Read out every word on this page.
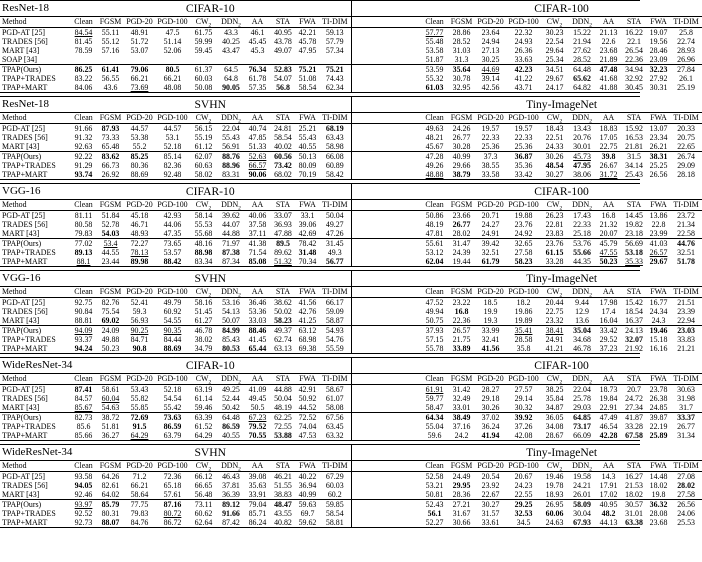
ResNet-18	CIFAR-10											CIFAR-100									
Method	Clean	FGSM	PGD-20	PGD-100	$CW_2$	$DDN_2$	AA	STA	FWA	TI-DIM		Clean	FGSM	PGD-20	PGD-100	$CW_2$	$DDN_2$	AA	STA	FWA	TI-DIM
PGD-AT [25]	84.54	55.11	48.91	47.5	61.75	43.3	46.1	40.95	42.21	59.13		57.77	28.86	23.64	22.32	30.23	15.22	21.13	16.22	19.07	25.8
TRADES [56]	81.45	55.12	51.72	51.14	59.99	40.25	45.45	43.78	45.78	57.79		55.48	28.52	24.94	24.93	22.54	21.94	22.6	22.1	19.56	22.74
MART [43]	78.59	57.16	53.07	52.06	59.45	43.47	45.3	49.07	47.95	57.34		53.58	31.03	27.13	26.36	29.64	27.62	23.68	26.54	28.46	28.93
SOAP [34]												51.87	31.3	30.25	33.63	25.34	28.52	21.89	22.36	23.09	26.96
TPAP(Ours)	86.25	61.41	79.06	80.5	61.37	64.5	76.34	52.83	75.21	75.21		53.59	35.64	44.69	42.23	34.51	64.48	47.48	34.94	32.23	27.84
TPAP+TRADES	83.22	56.55	66.21	66.21	60.03	64.8	61.78	54.07	51.08	74.43		55.32	30.78	39.14	41.22	29.67	65.62	41.68	32.92	27.92	26.1
TPAP+MART	84.06	43.6	73.69	48.08	50.08	90.05	57.35	56.8	58.54	62.34		61.03	32.95	42.56	43.71	24.17	64.82	41.88	30.45	30.31	25.19
ResNet-18	SVHN											Tiny-ImageNet									
Method	Clean	FGSM	PGD-20	PGD-100	$CW_2$	$DDN_2$	AA	STA	FWA	TI-DIM		Clean	FGSM	PGD-20	PGD-100	$CW_2$	$DDN_2$	AA	STA	FWA	TI-DIM
PGD-AT [25]	91.66	87.93	44.57	44.57	56.15	22.04	40.74	24.81	25.21	68.19		49.63	24.26	19.57	19.57	18.43	13.43	18.83	15.92	13.07	20.33
TRADES [56]	91.32	73.33	53.38	53.1	55.19	55.43	47.85	58.54	55.43	63.43		48.21	26.77	22.33	22.33	22.51	20.76	17.05	16.53	23.34	20.75
MART [43]	92.63	65.48	55.2	52.18	61.12	56.91	51.33	40.02	40.55	58.98		45.67	30.28	25.36	25.36	24.33	30.01	22.75	21.81	26.21	22.65
TPAP(Ours)	92.22	83.62	85.25	85.14	62.07	88.76	52.63	60.56	50.13	66.08		47.28	40.99	37.3	36.87	30.26	45.73	39.8	31.5	38.31	26.74
TPAP+TRADES	91.29	66.73	80.36	82.36	60.63	88.96	66.57	73.42	80.09	60.89		49.26	29.66	38.55	35.36	48.54	47.95	26.67	34.14	25.25	29.09
TPAP+MART	93.74	26.92	88.69	92.48	58.02	83.31	90.06	68.02	70.19	58.42		48.88	38.79	33.58	33.42	30.27	38.06	31.72	25.43	26.56	28.18
VGG-16	CIFAR-10											CIFAR-100									
Method	Clean	FGSM	PGD-20	PGD-100	$CW_2$	$DDN_2$	AA	STA	FWA	TI-DIM		Clean	FGSM	PGD-20	PGD-100	$CW_2$	$DDN_2$	AA	STA	FWA	TI-DIM
PGD-AT [25]	81.11	51.84	45.18	42.93	58.14	39.62	40.06	33.07	33.1	50.04		50.86	23.66	20.71	19.88	26.23	17.43	16.8	14.45	13.86	23.72
TRADES [56]	80.58	52.78	46.71	44.06	55.53	44.07	37.58	36.93	39.06	49.27		48.19	26.77	24.27	23.76	22.81	22.33	21.32	19.82	22.8	21.34
MART [43]	79.83	54.03	48.93	47.35	55.68	44.88	37.11	47.88	42.69	47.26		47.81	28.02	24.91	24.92	23.83	25.18	20.07	23.18	23.99	22.58
TPAP(Ours)	77.02	53.4	72.27	73.65	48.16	71.97	41.38	89.5	78.42	31.45		55.61	31.47	39.42	32.65	23.76	53.76	45.79	56.69	41.03	44.76
TPAP+TRADES	89.13	44.55	78.13	53.57	88.98	87.38	71.54	89.62	31.48	49.3		53.12	24.39	32.51	27.58	61.15	55.66	47.55	53.18	26.57	32.51
TPAP+MART	88.1	23.44	89.98	88.42	83.34	87.34	85.08	51.32	70.34	56.77		62.04	19.44	61.79	58.23	33.28	44.35	50.23	35.33	29.67	51.78
VGG-16	SVHN											Tiny-ImageNet									
Method	Clean	FGSM	PGD-20	PGD-100	$CW_2$	$DDN_2$	AA	STA	FWA	TI-DIM		Clean	FGSM	PGD-20	PGD-100	$CW_2$	$DDN_2$	AA	STA	FWA	TI-DIM
PGD-AT [25]	92.75	82.76	52.41	49.79	58.16	53.16	36.46	38.62	41.56	66.17		47.52	23.22	18.5	18.2	20.44	9.44	17.98	15.42	16.77	21.51
TRADES [56]	90.84	75.54	59.3	60.92	51.45	54.13	53.36	50.02	42.76	59.09		49.94	16.8	19.9	19.86	22.75	12.9	17.4	18.54	24.34	23.39
MART [43]	88.81	69.02	56.93	54.55	61.27	50.07	33.03	58.23	41.25	58.87		50.75	22.36	19.3	19.89	23.32	13.6	16.04	16.37	24.3	22.94
TPAP(Ours)	94.09	24.09	90.25	90.35	46.78	84.99	88.46	49.37	63.12	54.93		37.93	26.57	33.99	35.41	38.41	35.04	33.42	24.13	19.46	23.03
TPAP+TRADES	93.37	49.88	84.71	84.44	38.02	85.43	41.45	62.74	68.98	54.76		57.15	21.75	32.41	28.58	24.91	34.68	29.52	32.07	15.18	33.83
TPAP+MART	94.24	50.23	90.8	88.69	34.79	80.53	65.44	63.13	69.38	55.59		55.78	33.89	41.56	35.8	41.21	46.78	37.23	21.92	16.16	21.21
WideResNet-34	CIFAR-10											CIFAR-100									
Method	Clean	FGSM	PGD-20	PGD-100	$CW_2$	$DDN_2$	AA	STA	FWA	TI-DIM		Clean	FGSM	PGD-20	PGD-100	$CW_2$	$DDN_2$	AA	STA	FWA	TI-DIM
PGD-AT [25]	87.41	58.61	53.43	52.18	63.19	49.25	41.09	44.88	42.91	58.67		61.91	31.42	28.27	27.57	38.25	22.04	18.73	20.7	23.78	30.63
TRADES [56]	84.57	60.04	55.82	54.54	61.14	52.44	49.45	50.04	50.92	61.07		59.77	32.49	29.18	29.14	35.84	25.78	19.84	24.72	26.38	31.98
MART [43]	85.67	54.63	55.85	55.42	59.46	50.42	50.5	48.19	44.52	58.08		58.47	33.01	30.26	30.32	34.87	29.03	22.91	27.34	24.85	31.7
TPAP(Ours)	82.73	38.72	72.69	73.63	63.39	64.48	67.23	62.25	72.52	67.56		64.34	38.49	37.02	39.92	36.05	64.85	47.49	41.87	39.87	33.37
TPAP+TRADES	85.6	51.81	91.5	86.59	61.52	86.59	79.52	72.55	74.04	63.45		55.04	37.16	36.24	37.26	34.08	73.17	46.54	33.28	22.19	26.77
TPAP+MART	85.66	36.27	64.29	63.79	64.29	40.55	70.55	53.88	47.53	63.32		59.6	24.2	41.94	42.08	28.67	66.09	42.28	67.58	25.89	31.34
WideResNet-34	SVHN											Tiny-ImageNet									
Method	Clean	FGSM	PGD-20	PGD-100	$CW_2$	$DDN_2$	AA	STA	FWA	TI-DIM		Clean	FGSM	PGD-20	PGD-100	$CW_2$	$DDN_2$	AA	STA	FWA	TI-DIM
PGD-AT [25]	93.58	64.26	71.2	72.36	66.12	46.43	39.08	46.21	40.22	67.29		52.58	24.49	20.54	20.67	19.46	19.58	14.3	16.27	14.48	27.08
TRADES [56]	94.05	82.61	66.21	65.18	66.65	37.81	35.63	51.55	36.94	60.03		53.21	29.95	23.92	24.23	19.78	24.21	17.91	21.53	18.02	28.02
MART [43]	92.46	64.02	58.64	57.61	56.48	36.39	33.91	38.83	40.99	60.2		50.81	28.36	22.67	22.55	18.93	26.01	17.02	18.02	19.8	27.58
TPAP(Ours)	93.97	85.79	77.75	87.16	73.11	89.12	79.04	48.47	59.63	59.85		52.43	27.21	30.27	29.25	26.95	58.09	40.95	30.57	36.32	26.56
TPAP+TRADES	92.52	80.31	79.83	80.72	60.62	91.66	85.71	43.55	69.7	58.54		56.1	31.67	31.57	32.53	60.06	30.04	48.2	31.01	28.08	24.06
TPAP+MART	92.73	88.07	84.76	86.72	62.64	87.42	86.24	40.82	59.62	58.81		52.27	30.66	33.61	34.5	24.63	67.93	44.13	63.38	23.68	25.53
